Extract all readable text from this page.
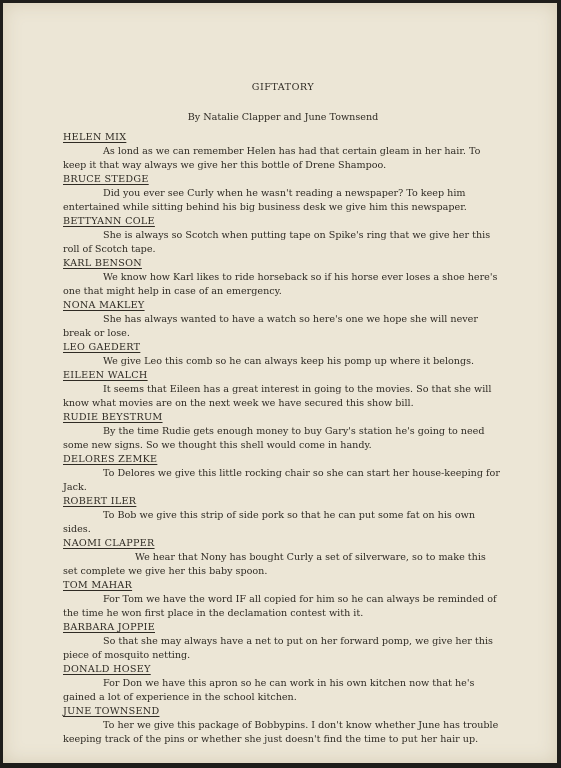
GIFTATORY
By Natalie Clapper and June Townsend
HELEN MIX

As lond as we can remember Helen has had that certain gleam in her hair. To keep it that way always we give her this bottle of Drene Shampoo.

BRUCE STEDGE

Did you ever see Curly when he wasn't reading a newspaper? To keep him entertained while sitting behind his big business desk we give him this newspaper.

BETTYANN COLE

She is always so Scotch when putting tape on Spike's ring that we give her this roll of Scotch tape.

KARL BENSON

We know how Karl likes to ride horseback so if his horse ever loses a shoe here's one that might help in case of an emergency.

NONA MAKLEY

She has always wanted to have a watch so here's one we hope she will never break or lose.

LEO GAEDERT

We give Leo this comb so he can always keep his pomp up where it belongs.

EILEEN WALCH

It seems that Eileen has a great interest in going to the movies. So that she will know what movies are on the next week we have secured this show bill.

RUDIE BEYSTRUM

By the time Rudie gets enough money to buy Gary's station he's going to need some new signs. So we thought this shell would come in handy.

DELORES ZEMKE

To Delores we give this little rocking chair so she can start her house-keeping for Jack.

ROBERT ILER

To Bob we give this strip of side pork so that he can put some fat on his own sides.

NAOMI CLAPPER

We hear that Nony has bought Curly a set of silverware, so to make this set complete we give her this baby spoon.

TOM MAHAR

For Tom we have the word IF all copied for him so he can always be reminded of the time he won first place in the declamation contest with it.

BARBARA JOPPIE

So that she may always have a net to put on her forward pomp, we give her this piece of mosquito netting.

DONALD HOSEY

For Don we have this apron so he can work in his own kitchen now that he's gained a lot of experience in the school kitchen.

JUNE TOWNSEND

To her we give this package of Bobbypins. I don't know whether June has trouble keeping track of the pins or whether she just doesn't find the time to put her hair up.
